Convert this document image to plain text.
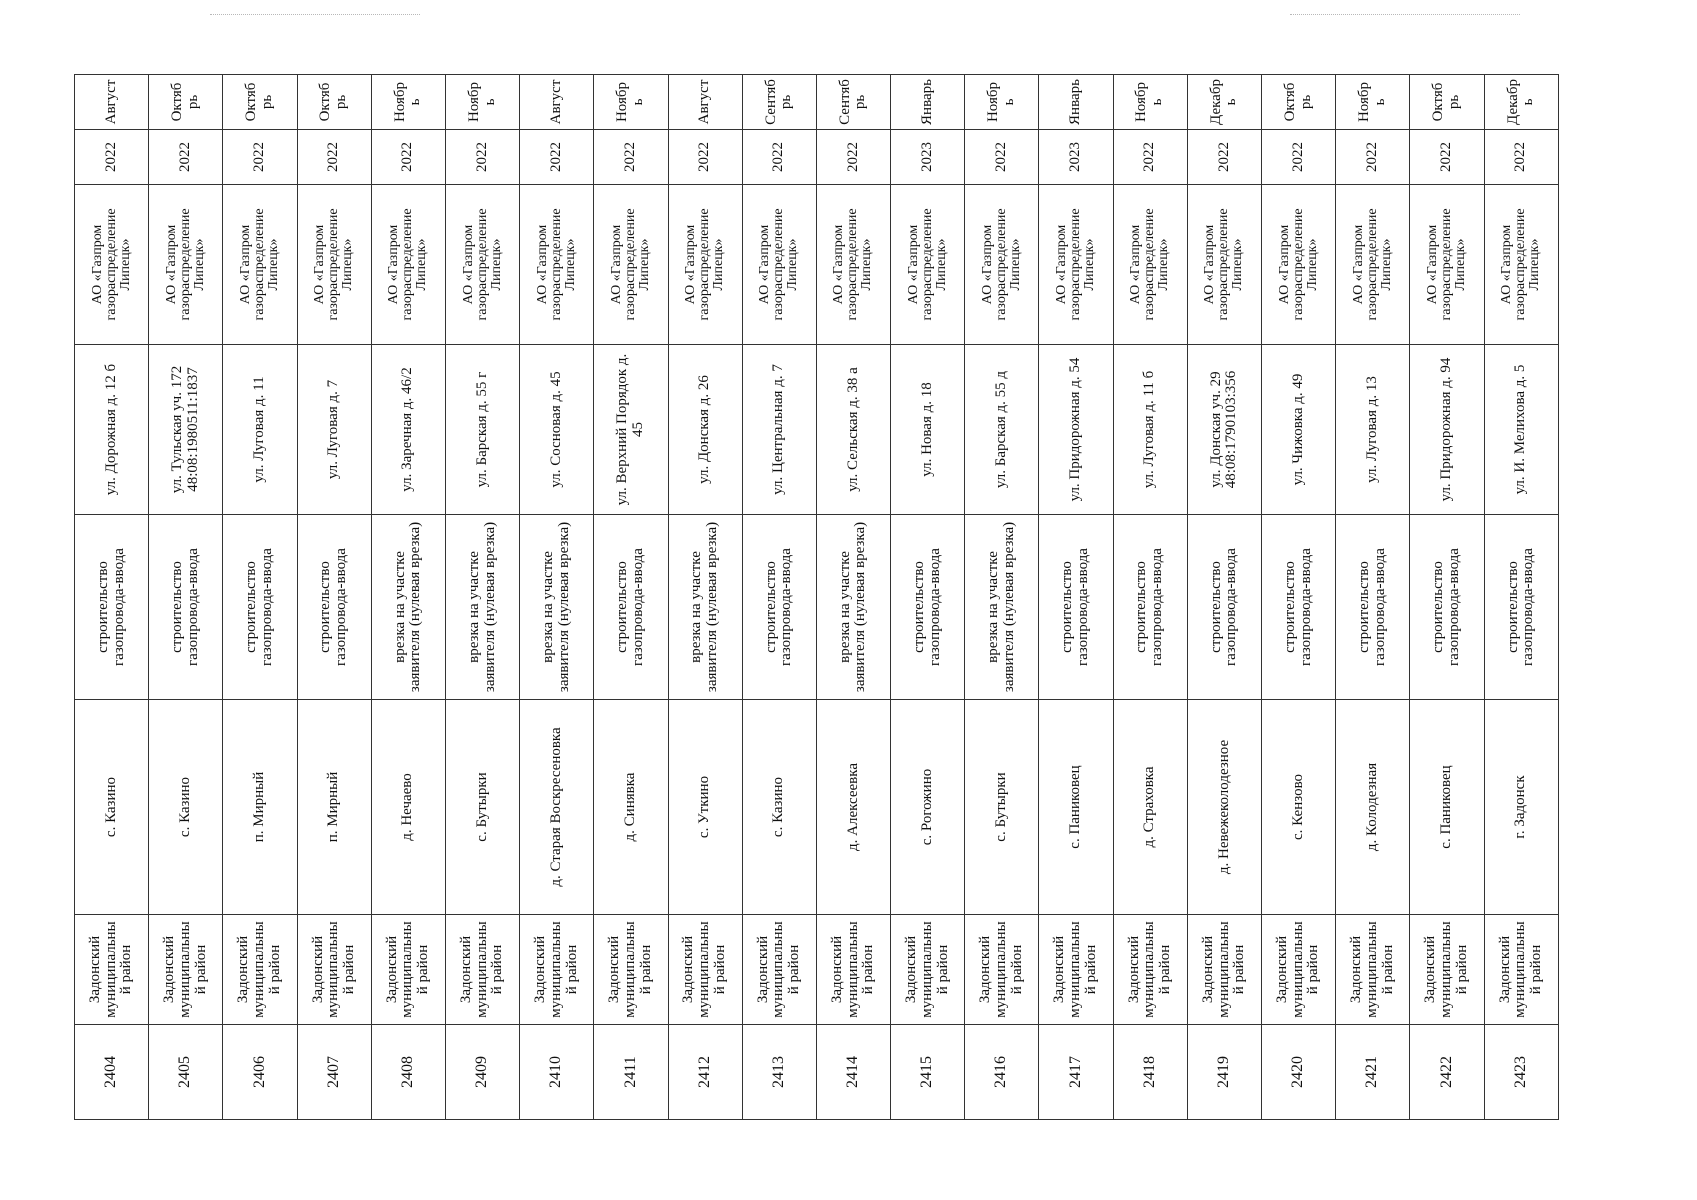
2404	Задонский муниципальный район	с. Казино	строительство газопровода-ввода	ул. Дорожная д. 12 б	АО «Газпром газораспределение Липецк»	2022	Август
2405	Задонский муниципальный район	с. Казино	строительство газопровода-ввода	ул. Тульская уч. 172 48:08:1980511:1837	АО «Газпром газораспределение Липецк»	2022	Октябрь
2406	Задонский муниципальный район	п. Мирный	строительство газопровода-ввода	ул. Луговая д. 11	АО «Газпром газораспределение Липецк»	2022	Октябрь
2407	Задонский муниципальный район	п. Мирный	строительство газопровода-ввода	ул. Луговая д. 7	АО «Газпром газораспределение Липецк»	2022	Октябрь
2408	Задонский муниципальный район	д. Нечаево	врезка на участке заявителя (нулевая врезка)	ул. Заречная д. 46/2	АО «Газпром газораспределение Липецк»	2022	Ноябрь
2409	Задонский муниципальный район	с. Бутырки	врезка на участке заявителя (нулевая врезка)	ул. Барская д. 55 г	АО «Газпром газораспределение Липецк»	2022	Ноябрь
2410	Задонский муниципальный район	д. Старая Воскресеновка	врезка на участке заявителя (нулевая врезка)	ул. Сосновая д. 45	АО «Газпром газораспределение Липецк»	2022	Август
2411	Задонский муниципальный район	д. Синявка	строительство газопровода-ввода	ул. Верхний Порядок д. 45	АО «Газпром газораспределение Липецк»	2022	Ноябрь
2412	Задонский муниципальный район	с. Уткино	врезка на участке заявителя (нулевая врезка)	ул. Донская д. 26	АО «Газпром газораспределение Липецк»	2022	Август
2413	Задонский муниципальный район	с. Казино	строительство газопровода-ввода	ул. Центральная д. 7	АО «Газпром газораспределение Липецк»	2022	Сентябрь
2414	Задонский муниципальный район	д. Алексеевка	врезка на участке заявителя (нулевая врезка)	ул. Сельская д. 38 а	АО «Газпром газораспределение Липецк»	2022	Сентябрь
2415	Задонский муниципальный район	с. Рогожино	строительство газопровода-ввода	ул. Новая д. 18	АО «Газпром газораспределение Липецк»	2023	Январь
2416	Задонский муниципальный район	с. Бутырки	врезка на участке заявителя (нулевая врезка)	ул. Барская д. 55 д	АО «Газпром газораспределение Липецк»	2022	Ноябрь
2417	Задонский муниципальный район	с. Паниковец	строительство газопровода-ввода	ул. Придорожная д. 54	АО «Газпром газораспределение Липецк»	2023	Январь
2418	Задонский муниципальный район	д. Страховка	строительство газопровода-ввода	ул. Луговая д. 11 б	АО «Газпром газораспределение Липецк»	2022	Ноябрь
2419	Задонский муниципальный район	д. Невежеколодезное	строительство газопровода-ввода	ул. Донская уч. 29 48:08:1790103:356	АО «Газпром газораспределение Липецк»	2022	Декабрь
2420	Задонский муниципальный район	с. Кензово	строительство газопровода-ввода	ул. Чижовка д. 49	АО «Газпром газораспределение Липецк»	2022	Октябрь
2421	Задонский муниципальный район	д. Колодезная	строительство газопровода-ввода	ул. Луговая д. 13	АО «Газпром газораспределение Липецк»	2022	Ноябрь
2422	Задонский муниципальный район	с. Паниковец	строительство газопровода-ввода	ул. Придорожная д. 94	АО «Газпром газораспределение Липецк»	2022	Октябрь
2423	Задонский муниципальный район	г. Задонск	строительство газопровода-ввода	ул. И. Мелихова д. 5	АО «Газпром газораспределение Липецк»	2022	Декабрь
